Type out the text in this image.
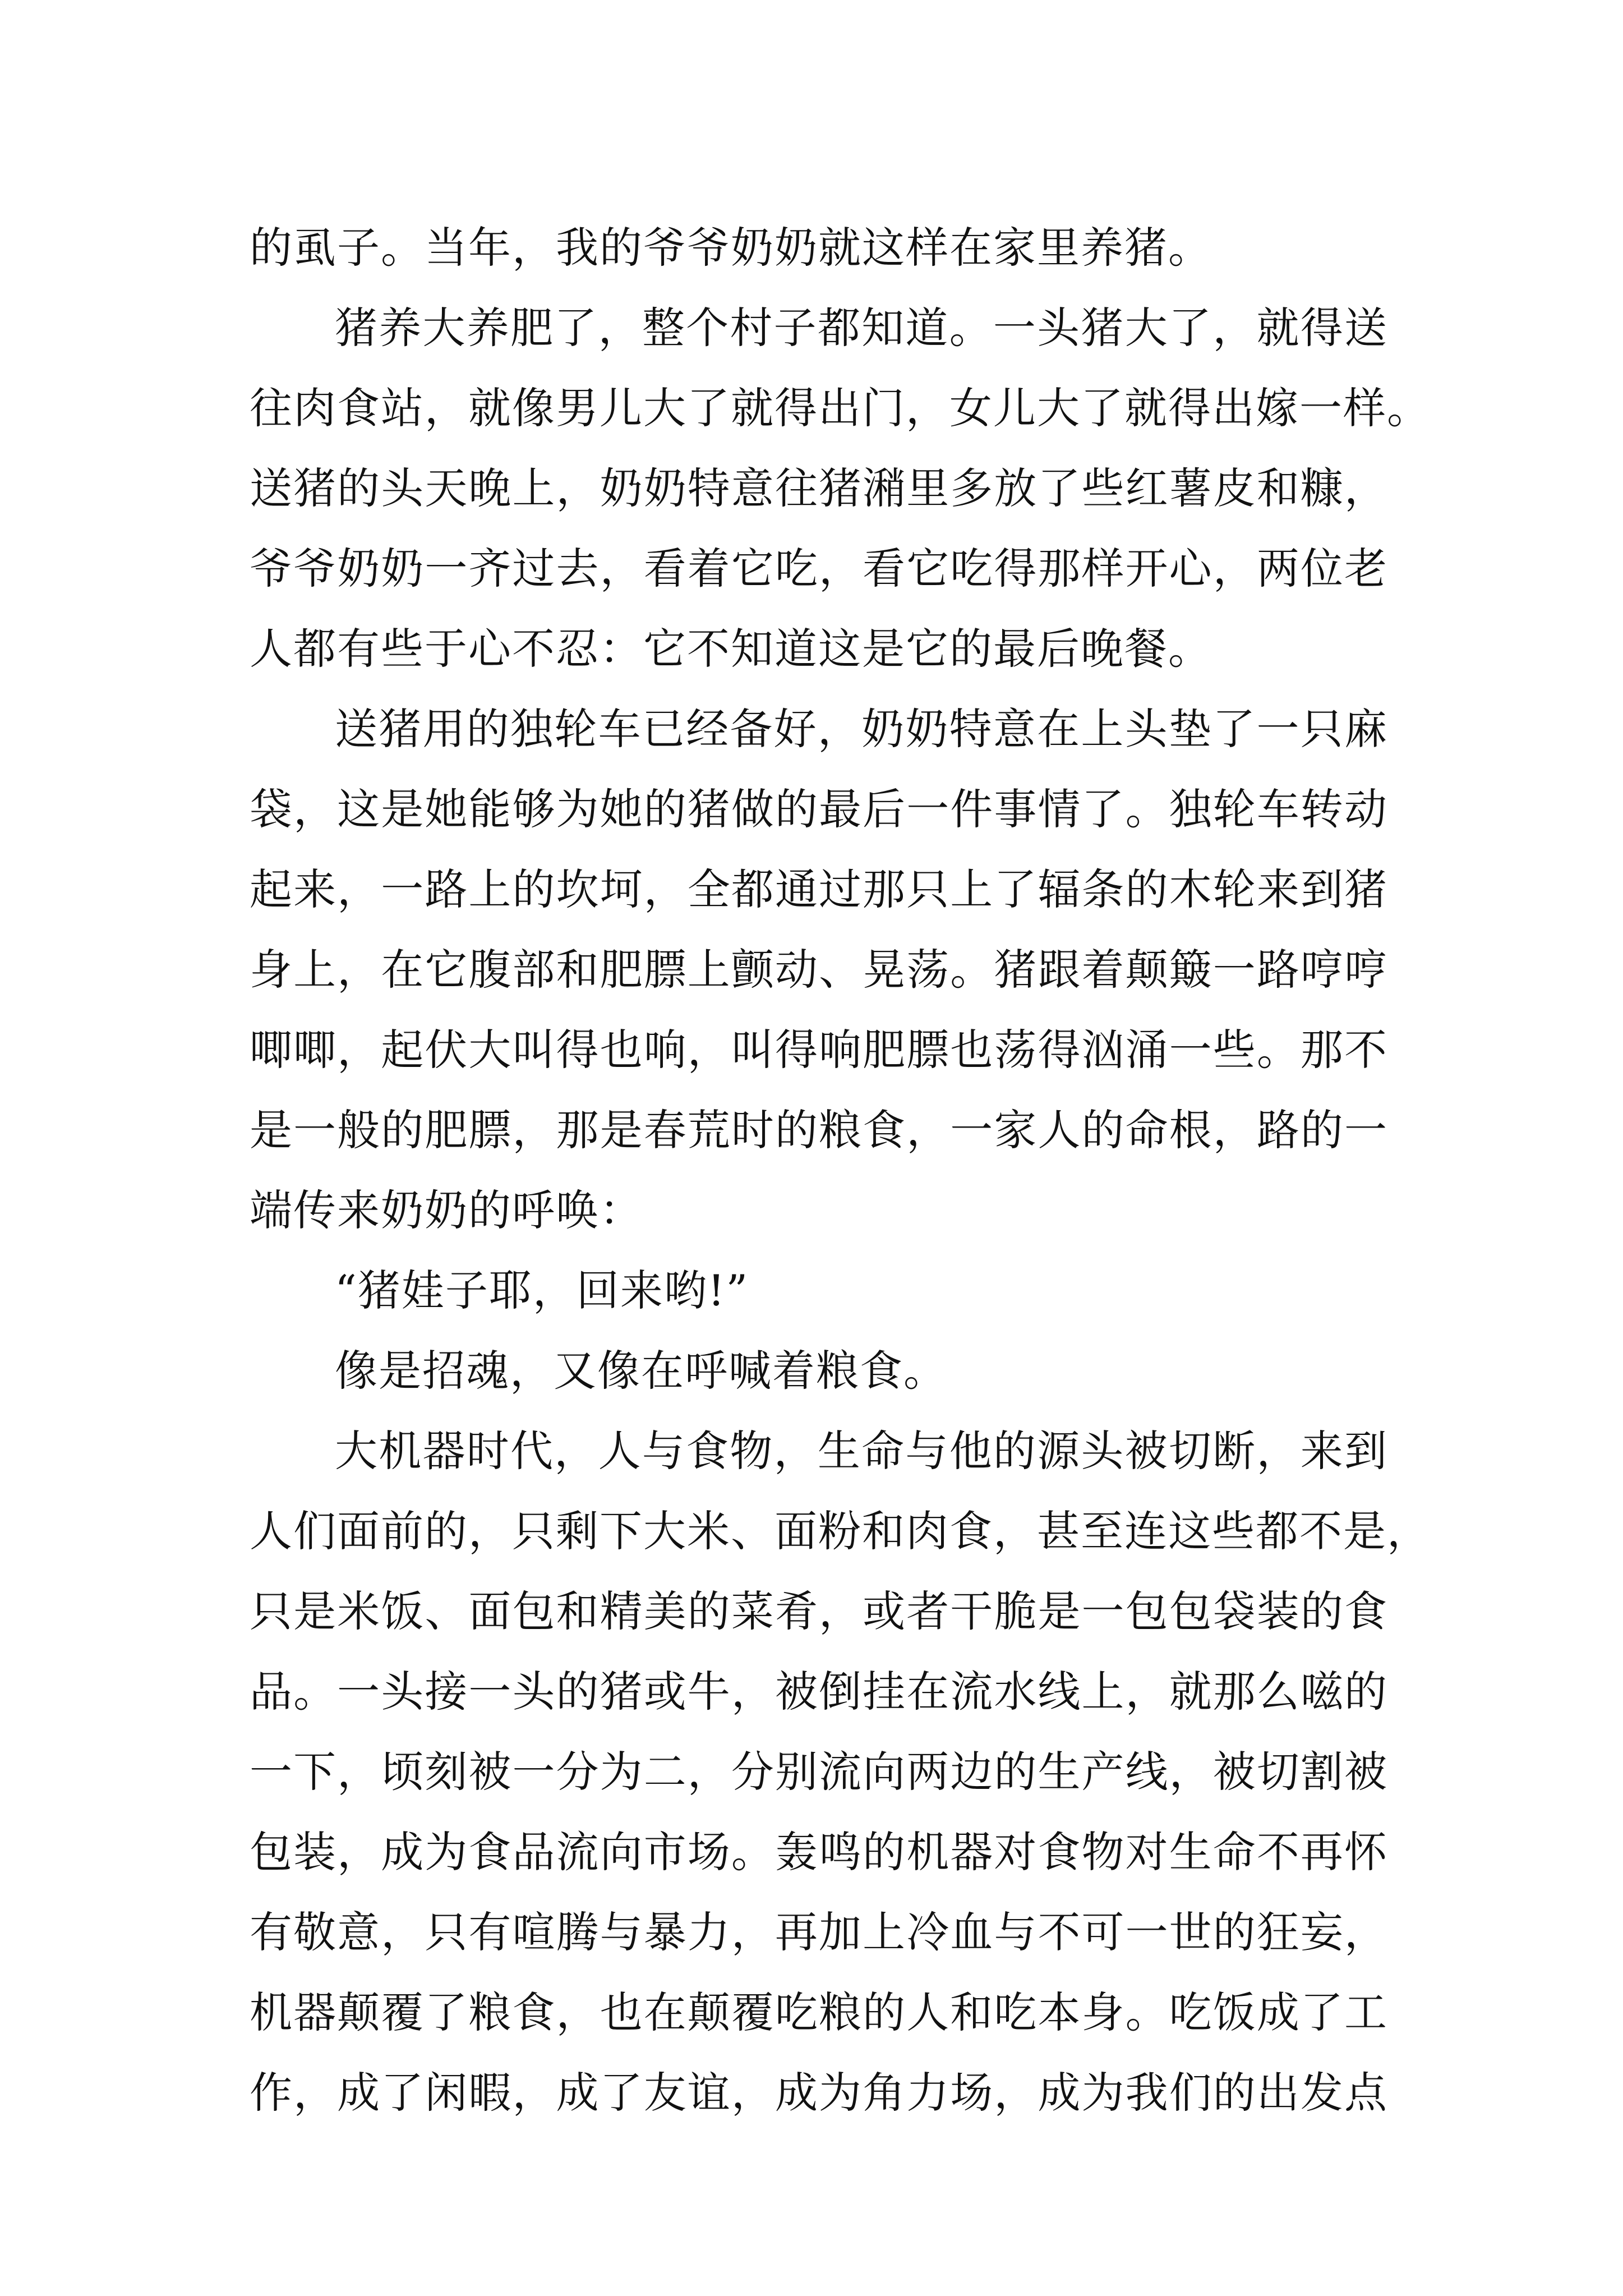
的虱子。当年，我的爷爷奶奶就这样在家里养猪。
猪养大养肥了，整个村子都知道。一头猪大了，就得送
往肉食站，就像男儿大了就得出门，女儿大了就得出嫁一样。
送猪的头天晚上，奶奶特意往猪潲里多放了些红薯皮和糠，
爷爷奶奶一齐过去，看着它吃，看它吃得那样开心，两位老
人都有些于心不忍：它不知道这是它的最后晚餐。
送猪用的独轮车已经备好，奶奶特意在上头垫了一只麻
袋，这是她能够为她的猪做的最后一件事情了。独轮车转动
起来，一路上的坎坷，全都通过那只上了辐条的木轮来到猪
身上，在它腹部和肥膘上颤动、晃荡。猪跟着颠簸一路哼哼
唧唧，起伏大叫得也响，叫得响肥膘也荡得汹涌一些。那不
是一般的肥膘，那是春荒时的粮食，一家人的命根，路的一
端传来奶奶的呼唤：
“猪娃子耶，回来哟!”
像是招魂，又像在呼喊着粮食。
大机器时代，人与食物，生命与他的源头被切断，来到
人们面前的，只剩下大米、面粉和肉食，甚至连这些都不是，
只是米饭、面包和精美的菜肴，或者干脆是一包包袋装的食
品。一头接一头的猪或牛，被倒挂在流水线上，就那么嗞的
一下，顷刻被一分为二，分别流向两边的生产线，被切割被
包装，成为食品流向市场。轰鸣的机器对食物对生命不再怀
有敬意，只有喧腾与暴力，再加上冷血与不可一世的狂妄，
机器颠覆了粮食，也在颠覆吃粮的人和吃本身。吃饭成了工
作，成了闲暇，成了友谊，成为角力场，成为我们的出发点
